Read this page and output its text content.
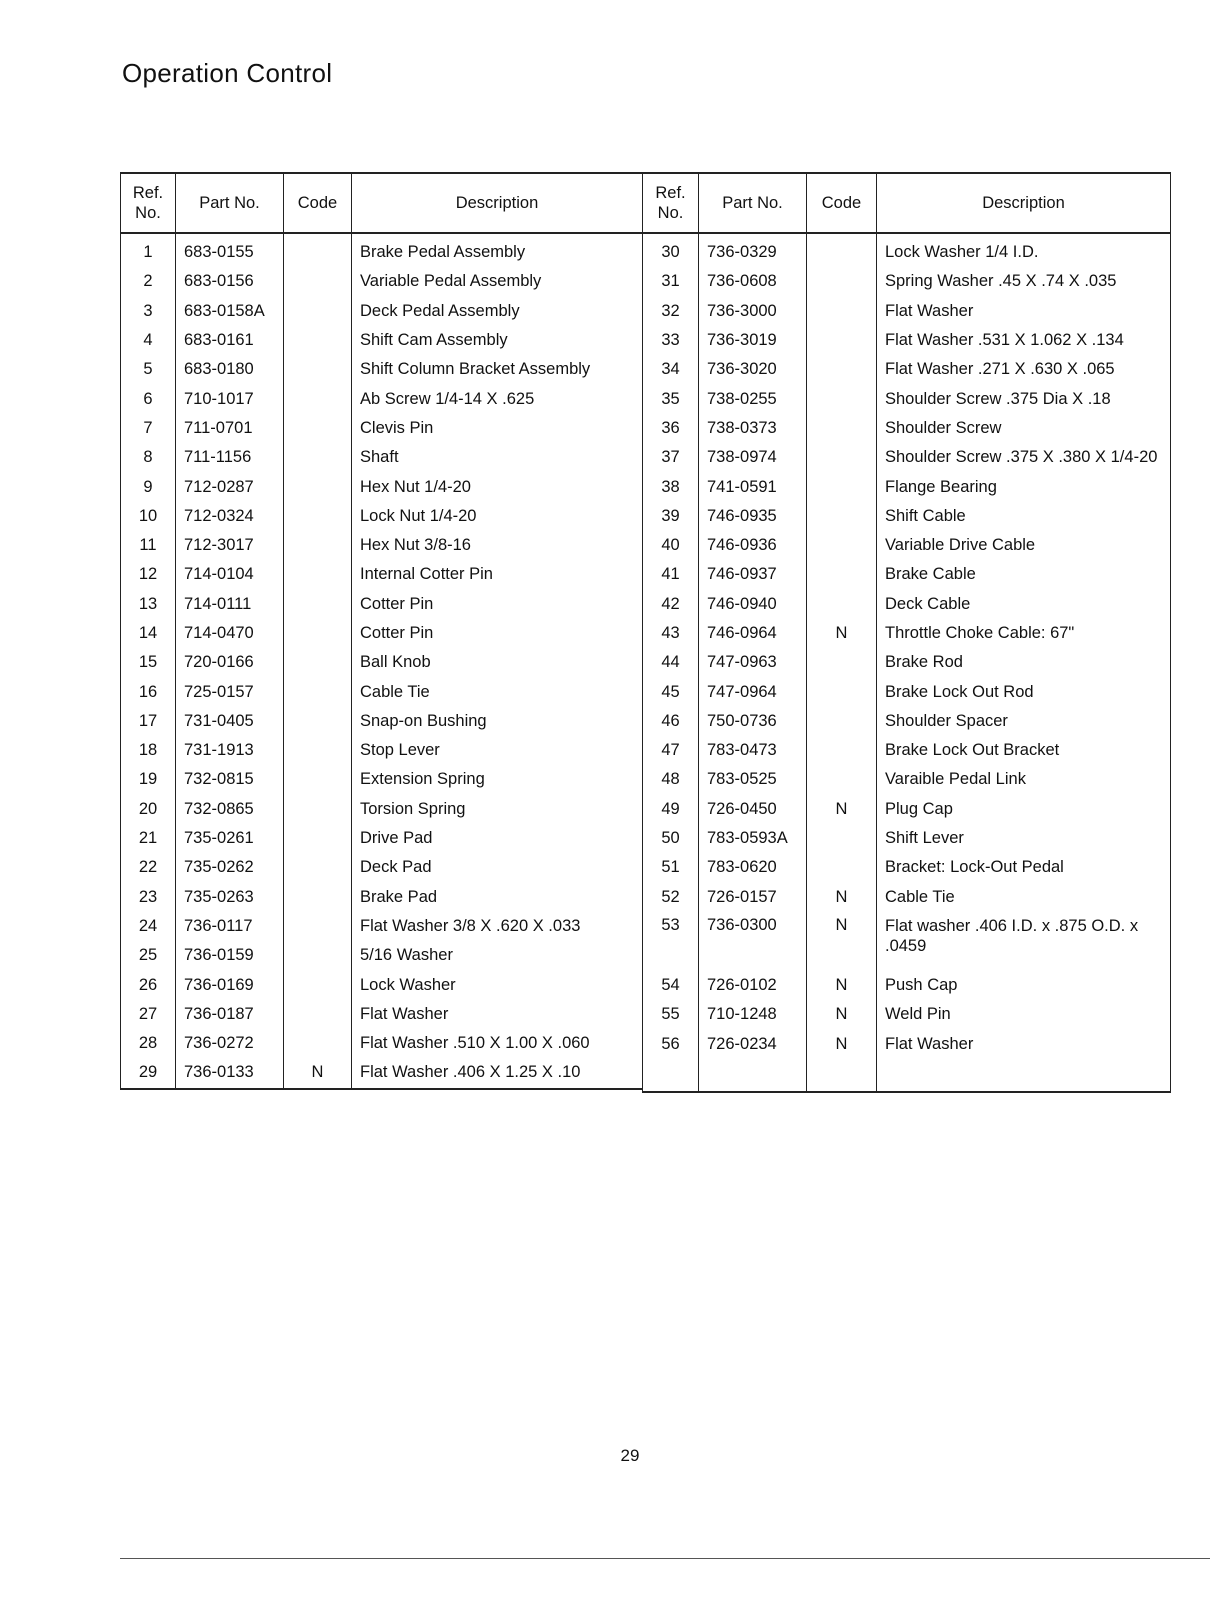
Operation Control
Ref.
No.	Part No.	Code	Description
1	683-0155		Brake Pedal Assembly
2	683-0156		Variable Pedal Assembly
3	683-0158A		Deck Pedal Assembly
4	683-0161		Shift Cam Assembly
5	683-0180		Shift Column Bracket Assembly
6	710-1017		Ab Screw 1/4-14 X .625
7	711-0701		Clevis Pin
8	711-1156		Shaft
9	712-0287		Hex Nut 1/4-20
10	712-0324		Lock Nut 1/4-20
11	712-3017		Hex Nut 3/8-16
12	714-0104		Internal Cotter Pin
13	714-0111		Cotter Pin
14	714-0470		Cotter Pin
15	720-0166		Ball Knob
16	725-0157		Cable Tie
17	731-0405		Snap-on Bushing
18	731-1913		Stop Lever
19	732-0815		Extension Spring
20	732-0865		Torsion Spring
21	735-0261		Drive Pad
22	735-0262		Deck Pad
23	735-0263		Brake Pad
24	736-0117		Flat Washer 3/8 X .620 X .033
25	736-0159		5/16 Washer
26	736-0169		Lock Washer
27	736-0187		Flat Washer
28	736-0272		Flat Washer .510 X 1.00 X .060
29	736-0133	N	Flat Washer .406 X 1.25 X .10
Ref.
No.	Part No.	Code	Description
30	736-0329		Lock Washer 1/4 I.D.
31	736-0608		Spring Washer .45 X .74 X .035
32	736-3000		Flat Washer
33	736-3019		Flat Washer .531 X 1.062 X .134
34	736-3020		Flat Washer .271 X .630 X .065
35	738-0255		Shoulder Screw .375 Dia X .18
36	738-0373		Shoulder Screw
37	738-0974		Shoulder Screw .375 X .380 X 1/4-20
38	741-0591		Flange Bearing
39	746-0935		Shift Cable
40	746-0936		Variable Drive Cable
41	746-0937		Brake Cable
42	746-0940		Deck Cable
43	746-0964	N	Throttle Choke Cable: 67"
44	747-0963		Brake Rod
45	747-0964		Brake Lock Out Rod
46	750-0736		Shoulder Spacer
47	783-0473		Brake Lock Out Bracket
48	783-0525		Varaible Pedal Link
49	726-0450	N	Plug Cap
50	783-0593A		Shift Lever
51	783-0620		Bracket: Lock-Out Pedal
52	726-0157	N	Cable Tie
53	736-0300	N	Flat washer .406 I.D. x .875 O.D. x .0459
54	726-0102	N	Push Cap
55	710-1248	N	Weld Pin
56	726-0234	N	Flat Washer

29
